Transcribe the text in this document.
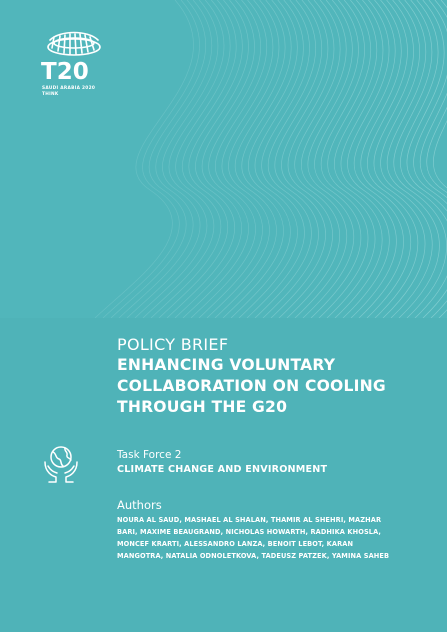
T20
SAUDI ARABIA 2020
THINK
POLICY BRIEF
ENHANCING VOLUNTARY
COLLABORATION ON COOLING
THROUGH THE G20
Task Force 2
CLIMATE CHANGE AND ENVIRONMENT
Authors
NOURA AL SAUD, MASHAEL AL SHALAN, THAMIR AL SHEHRI, MAZHAR
BARI, MAXIME BEAUGRAND, NICHOLAS HOWARTH, RADHIKA KHOSLA,
MONCEF KRARTI, ALESSANDRO LANZA, BENOIT LEBOT, KARAN
MANGOTRA, NATALIA ODNOLETKOVA, TADEUSZ PATZEK, YAMINA SAHEB
